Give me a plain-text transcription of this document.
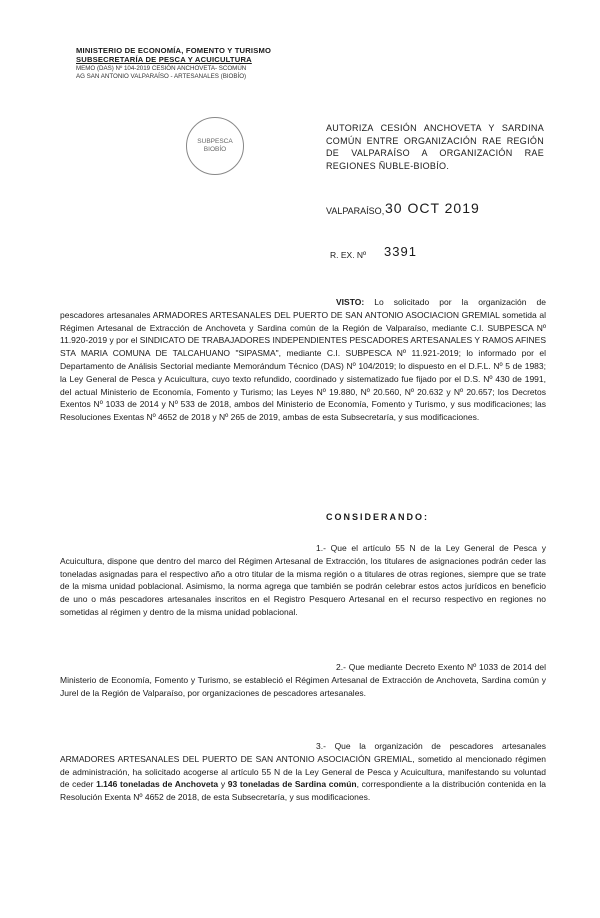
MINISTERIO DE ECONOMÍA, FOMENTO Y TURISMO
SUBSECRETARÍA DE PESCA Y ACUICULTURA
MEMO (DAS) Nº 104-2019 CESIÓN ANCHOVETA- SCOMÚN
AG SAN ANTONIO VALPARAÍSO - ARTESANALES (BIOBÍO)
SUBPESCA
BIOBÍO
AUTORIZA CESIÓN ANCHOVETA Y SARDINA COMÚN ENTRE ORGANIZACIÓN RAE REGIÓN DE VALPARAÍSO A ORGANIZACIÓN RAE REGIONES ÑUBLE-BIOBÍO.
VALPARAÍSO, 30 OCT 2019
R. EX. Nº 3391

VISTO: Lo solicitado por la organización de pescadores artesanales ARMADORES ARTESANALES DEL PUERTO DE SAN ANTONIO ASOCIACION GREMIAL sometida al Régimen Artesanal de Extracción de Anchoveta y Sardina común de la Región de Valparaíso, mediante C.I. SUBPESCA Nº 11.920-2019 y por el SINDICATO DE TRABAJADORES INDEPENDIENTES PESCADORES ARTESANALES Y RAMOS AFINES STA MARIA COMUNA DE TALCAHUANO "SIPASMA", mediante C.I. SUBPESCA Nº 11.921-2019; lo informado por el Departamento de Análisis Sectorial mediante Memorándum Técnico (DAS) Nº 104/2019; lo dispuesto en el D.F.L. Nº 5 de 1983; la Ley General de Pesca y Acuicultura, cuyo texto refundido, coordinado y sistematizado fue fijado por el D.S. Nº 430 de 1991, del actual Ministerio de Economía, Fomento y Turismo; las Leyes Nº 19.880, Nº 20.560, Nº 20.632 y Nº 20.657; los Decretos Exentos Nº 1033 de 2014 y Nº 533 de 2018, ambos del Ministerio de Economía, Fomento y Turismo, y sus modificaciones; las Resoluciones Exentas Nº 4652 de 2018 y Nº 265 de 2019, ambas de esta Subsecretaría, y sus modificaciones.

CONSIDERANDO:

1.- Que el artículo 55 N de la Ley General de Pesca y Acuicultura, dispone que dentro del marco del Régimen Artesanal de Extracción, los titulares de asignaciones podrán ceder las toneladas asignadas para el respectivo año a otro titular de la misma región o a titulares de otras regiones, siempre que se trate de la misma unidad poblacional. Asimismo, la norma agrega que también se podrán celebrar estos actos jurídicos en beneficio de uno o más pescadores artesanales inscritos en el Registro Pesquero Artesanal en el recurso respectivo en regiones no sometidas al régimen y dentro de la misma unidad poblacional.

2.- Que mediante Decreto Exento Nº 1033 de 2014 del Ministerio de Economía, Fomento y Turismo, se estableció el Régimen Artesanal de Extracción de Anchoveta, Sardina común y Jurel de la Región de Valparaíso, por organizaciones de pescadores artesanales.

3.- Que la organización de pescadores artesanales ARMADORES ARTESANALES DEL PUERTO DE SAN ANTONIO ASOCIACIÓN GREMIAL, sometido al mencionado régimen de administración, ha solicitado acogerse al artículo 55 N de la Ley General de Pesca y Acuicultura, manifestando su voluntad de ceder 1.146 toneladas de Anchoveta y 93 toneladas de Sardina común, correspondiente a la distribución contenida en la Resolución Exenta Nº 4652 de 2018, de esta Subsecretaría, y sus modificaciones.
